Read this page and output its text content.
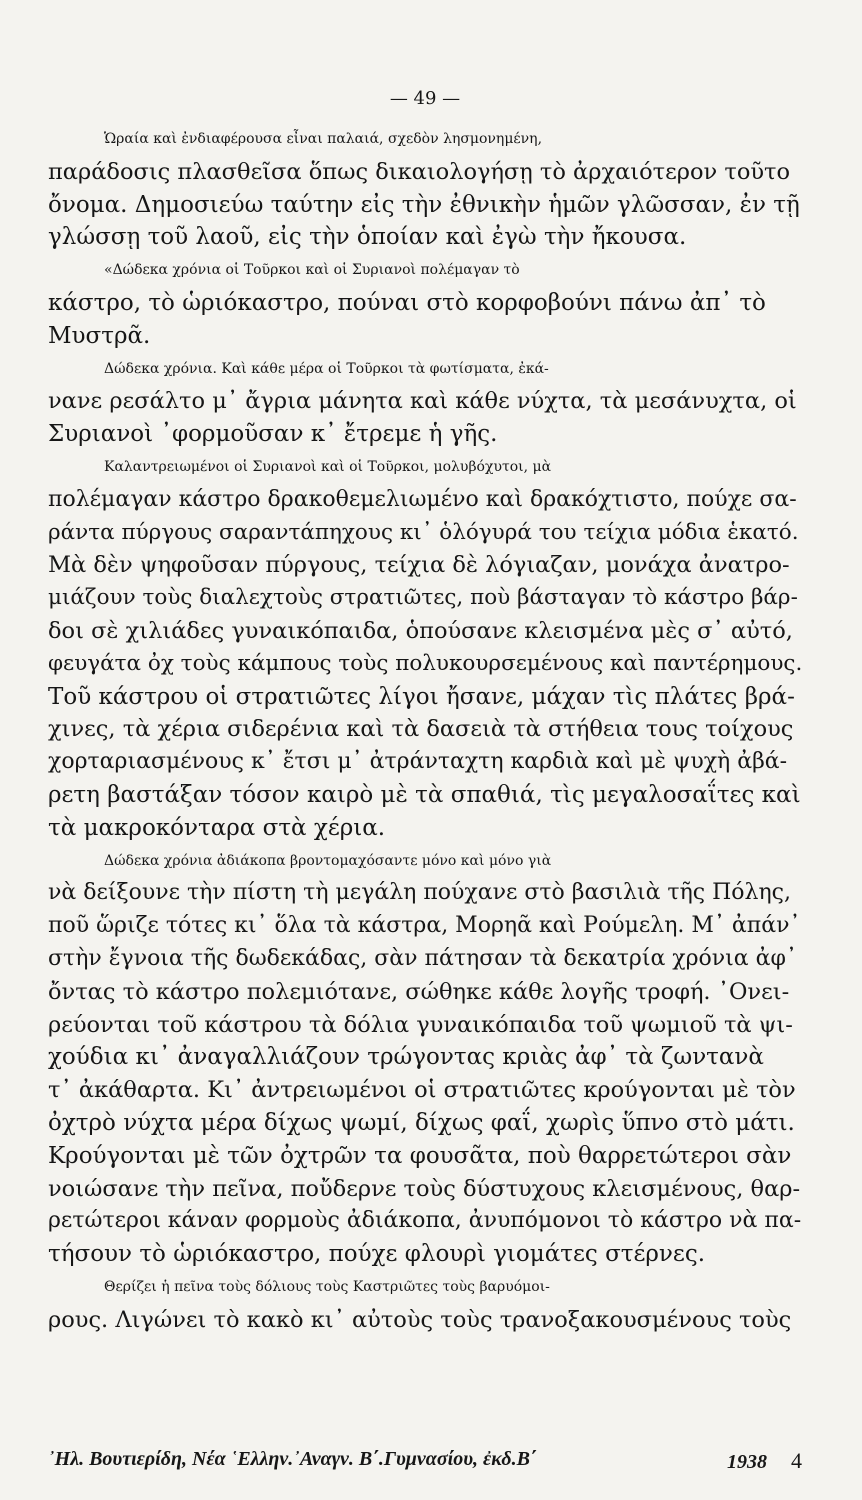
— 49 —

Ὡραία καὶ ἐνδιαφέρουσα εἶναι παλαιά, σχεδὸν λησμονημένη,
παράδοσις πλασθεῖσα ὅπως δικαιολογήσῃ τὸ ἀρχαιότερον τοῦτο
ὄνομα. Δημοσιεύω ταύτην εἰς τὴν ἐθνικὴν ἡμῶν γλῶσσαν, ἐν τῇ
γλώσσῃ τοῦ λαοῦ, εἰς τὴν ὁποίαν καὶ ἐγὼ τὴν ἤκουσα.

«Δώδεκα χρόνια οἱ Τοῦρκοι καὶ οἱ Συριανοὶ πολέμαγαν τὸ
κάστρο, τὸ ὡριόκαστρο, πούναι στὸ κορφοβούνι πάνω ἀπ᾿ τὸ
Μυστρᾶ.

Δώδεκα χρόνια. Καὶ κάθε μέρα οἱ Τοῦρκοι τὰ φωτίσματα, ἐκά-
νανε ρεσάλτο μ᾿ ἄγρια μάνητα καὶ κάθε νύχτα, τὰ μεσάνυχτα, οἱ
Συριανοὶ ᾿φορμοῦσαν κ᾿ ἔτρεμε ἡ γῆς.

Καλαντρειωμένοι οἱ Συριανοὶ καὶ οἱ Τοῦρκοι, μολυβόχυτοι, μὰ
πολέμαγαν κάστρο δρακοθεμελιωμένο καὶ δρακόχτιστο, πούχε σα-
ράντα πύργους σαραντάπηχους κι᾿ ὁλόγυρά του τείχια μόδια ἑκατό.
Μὰ δὲν ψηφοῦσαν πύργους, τείχια δὲ λόγιαζαν, μονάχα ἀνατρο-
μιάζουν τοὺς διαλεχτοὺς στρατιῶτες, ποὺ βάσταγαν τὸ κάστρο βάρ-
δοι σὲ χιλιάδες γυναικόπαιδα, ὁπούσανε κλεισμένα μὲς σ᾿ αὐτό,
φευγάτα ὀχ τοὺς κάμπους τοὺς πολυκουρσεμένους καὶ παντέρημους.
Τοῦ κάστρου οἱ στρατιῶτες λίγοι ἤσανε, μάχαν τὶς πλάτες βρά-
χινες, τὰ χέρια σιδερένια καὶ τὰ δασειὰ τὰ στήθεια τους τοίχους
χορταριασμένους κ᾿ ἔτσι μ᾿ ἀτράνταχτη καρδιὰ καὶ μὲ ψυχὴ ἀβά-
ρετη βαστάξαν τόσον καιρὸ μὲ τὰ σπαθιά, τὶς μεγαλοσαΐτες καὶ
τὰ μακροκόνταρα στὰ χέρια.

Δώδεκα χρόνια ἀδιάκοπα βροντομαχόσαντε μόνο καὶ μόνο γιὰ
νὰ δείξουνε τὴν πίστη τὴ μεγάλη πούχανε στὸ βασιλιὰ τῆς Πόλης,
ποῦ ὥριζε τότες κι᾿ ὅλα τὰ κάστρα, Μορηᾶ καὶ Ρούμελη. Μ᾿ ἀπάν᾿
στὴν ἔγνοια τῆς δωδεκάδας, σὰν πάτησαν τὰ δεκατρία χρόνια ἀφ᾿
ὄντας τὸ κάστρο πολεμιότανε, σώθηκε κάθε λογῆς τροφή. ᾿Ονει-
ρεύονται τοῦ κάστρου τὰ δόλια γυναικόπαιδα τοῦ ψωμιοῦ τὰ ψι-
χούδια κι᾿ ἀναγαλλιάζουν τρώγοντας κριὰς ἀφ᾿ τὰ ζωντανὰ
τ᾿ ἀκάθαρτα. Κι᾿ ἀντρειωμένοι οἱ στρατιῶτες κρούγονται μὲ τὸν
ὀχτρὸ νύχτα μέρα δίχως ψωμί, δίχως φαΐ, χωρὶς ὕπνο στὸ μάτι.
Κρούγονται μὲ τῶν ὀχτρῶν τα φουσᾶτα, ποὺ θαρρετώτεροι σὰν
νοιώσανε τὴν πεῖνα, ποὔδερνε τοὺς δύστυχους κλεισμένους, θαρ-
ρετώτεροι κάναν φορμοὺς ἀδιάκοπα, ἀνυπόμονοι τὸ κάστρο νὰ πα-
τήσουν τὸ ὡριόκαστρο, πούχε φλουρὶ γιομάτες στέρνες.

Θερίζει ἡ πεῖνα τοὺς δόλιους τοὺς Καστριῶτες τοὺς βαρυόμοι-
ρους. Λιγώνει τὸ κακὸ κι᾿ αὐτοὺς τοὺς τρανοξακουσμένους τοὺς

᾿Ηλ. Βουτιερίδη, Νέα ῾Ελλην.᾿Αναγν. Β΄.Γυμνασίου, ἐκδ.Β΄	1938 4
